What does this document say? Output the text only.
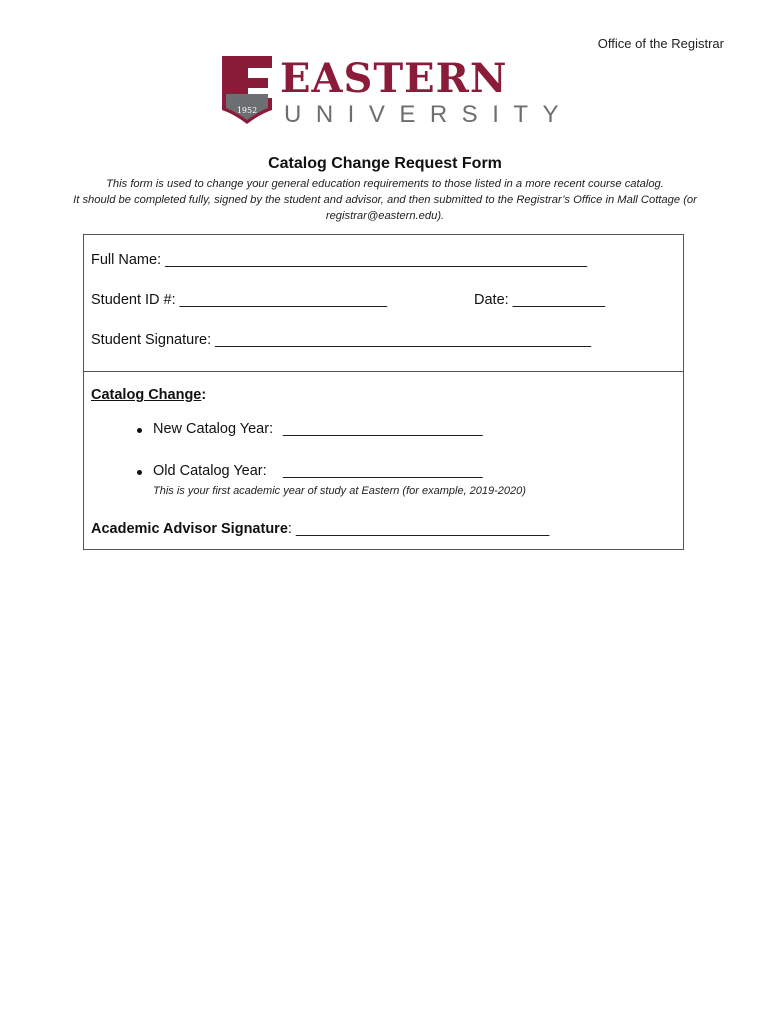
Office of the Registrar
1952
EASTERN
UNIVERSITY
Catalog Change Request Form
This form is used to change your general education requirements to those listed in a more recent course catalog.
It should be completed fully, signed by the student and advisor, and then submitted to the Registrar’s Office in Mall Cottage (or
registrar@eastern.edu).
Full Name: _______________________________________________________
Student ID #: ___________________________	Date: ____________
Student Signature: _________________________________________________
Catalog Change:
New Catalog Year: __________________________
Old Catalog Year: __________________________
This is your first academic year of study at Eastern (for example, 2019-2020)
Academic Advisor Signature: _________________________________
